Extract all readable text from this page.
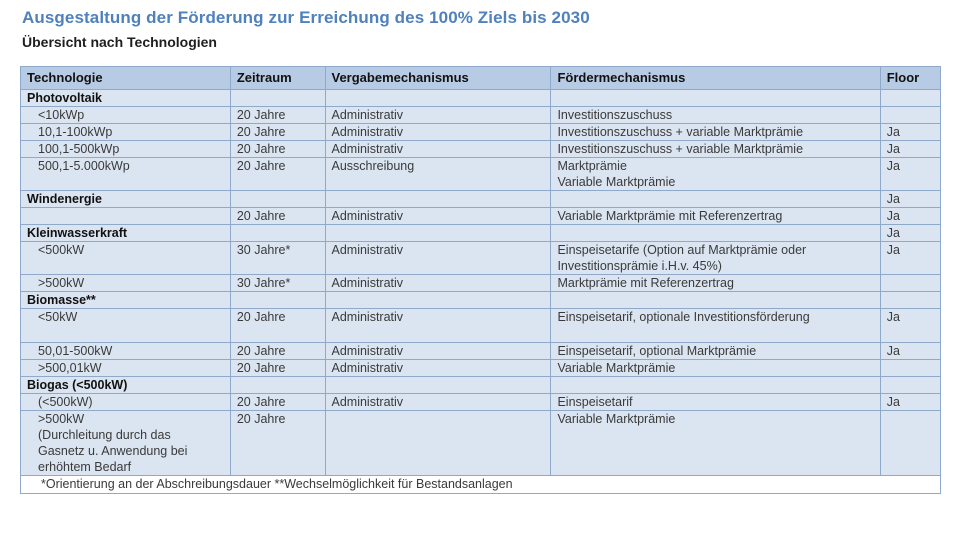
Ausgestaltung der Förderung zur Erreichung des 100% Ziels bis 2030
Übersicht nach Technologien
Technologie	Zeitraum	Vergabemechanismus	Fördermechanismus	Floor
Photovoltaik				
<10kWp	20 Jahre	Administrativ	Investitionszuschuss	
10,1-100kWp	20 Jahre	Administrativ	Investitionszuschuss + variable Marktprämie	Ja
100,1-500kWp	20 Jahre	Administrativ	Investitionszuschuss + variable Marktprämie	Ja
500,1-5.000kWp	20 Jahre	Ausschreibung	Marktprämie
Variable Marktprämie	Ja
Windenergie				Ja
	20 Jahre	Administrativ	Variable Marktprämie mit Referenzertrag	Ja
Kleinwasserkraft				Ja
<500kW	30 Jahre*	Administrativ	Einspeisetarife (Option auf Marktprämie oder
Investitionsprämie i.H.v. 45%)	Ja
>500kW	30 Jahre*	Administrativ	Marktprämie mit Referenzertrag	
Biomasse**				
<50kW	20 Jahre	Administrativ	Einspeisetarif, optionale Investitionsförderung	Ja
50,01-500kW	20 Jahre	Administrativ	Einspeisetarif, optional Marktprämie	Ja
>500,01kW	20 Jahre	Administrativ	Variable Marktprämie	
Biogas (<500kW)				
(<500kW)	20 Jahre	Administrativ	Einspeisetarif	Ja
>500kW
(Durchleitung durch das
Gasnetz u. Anwendung bei
erhöhtem Bedarf	20 Jahre		Variable Marktprämie	
*Orientierung an der Abschreibungsdauer **Wechselmöglichkeit für Bestandsanlagen				
